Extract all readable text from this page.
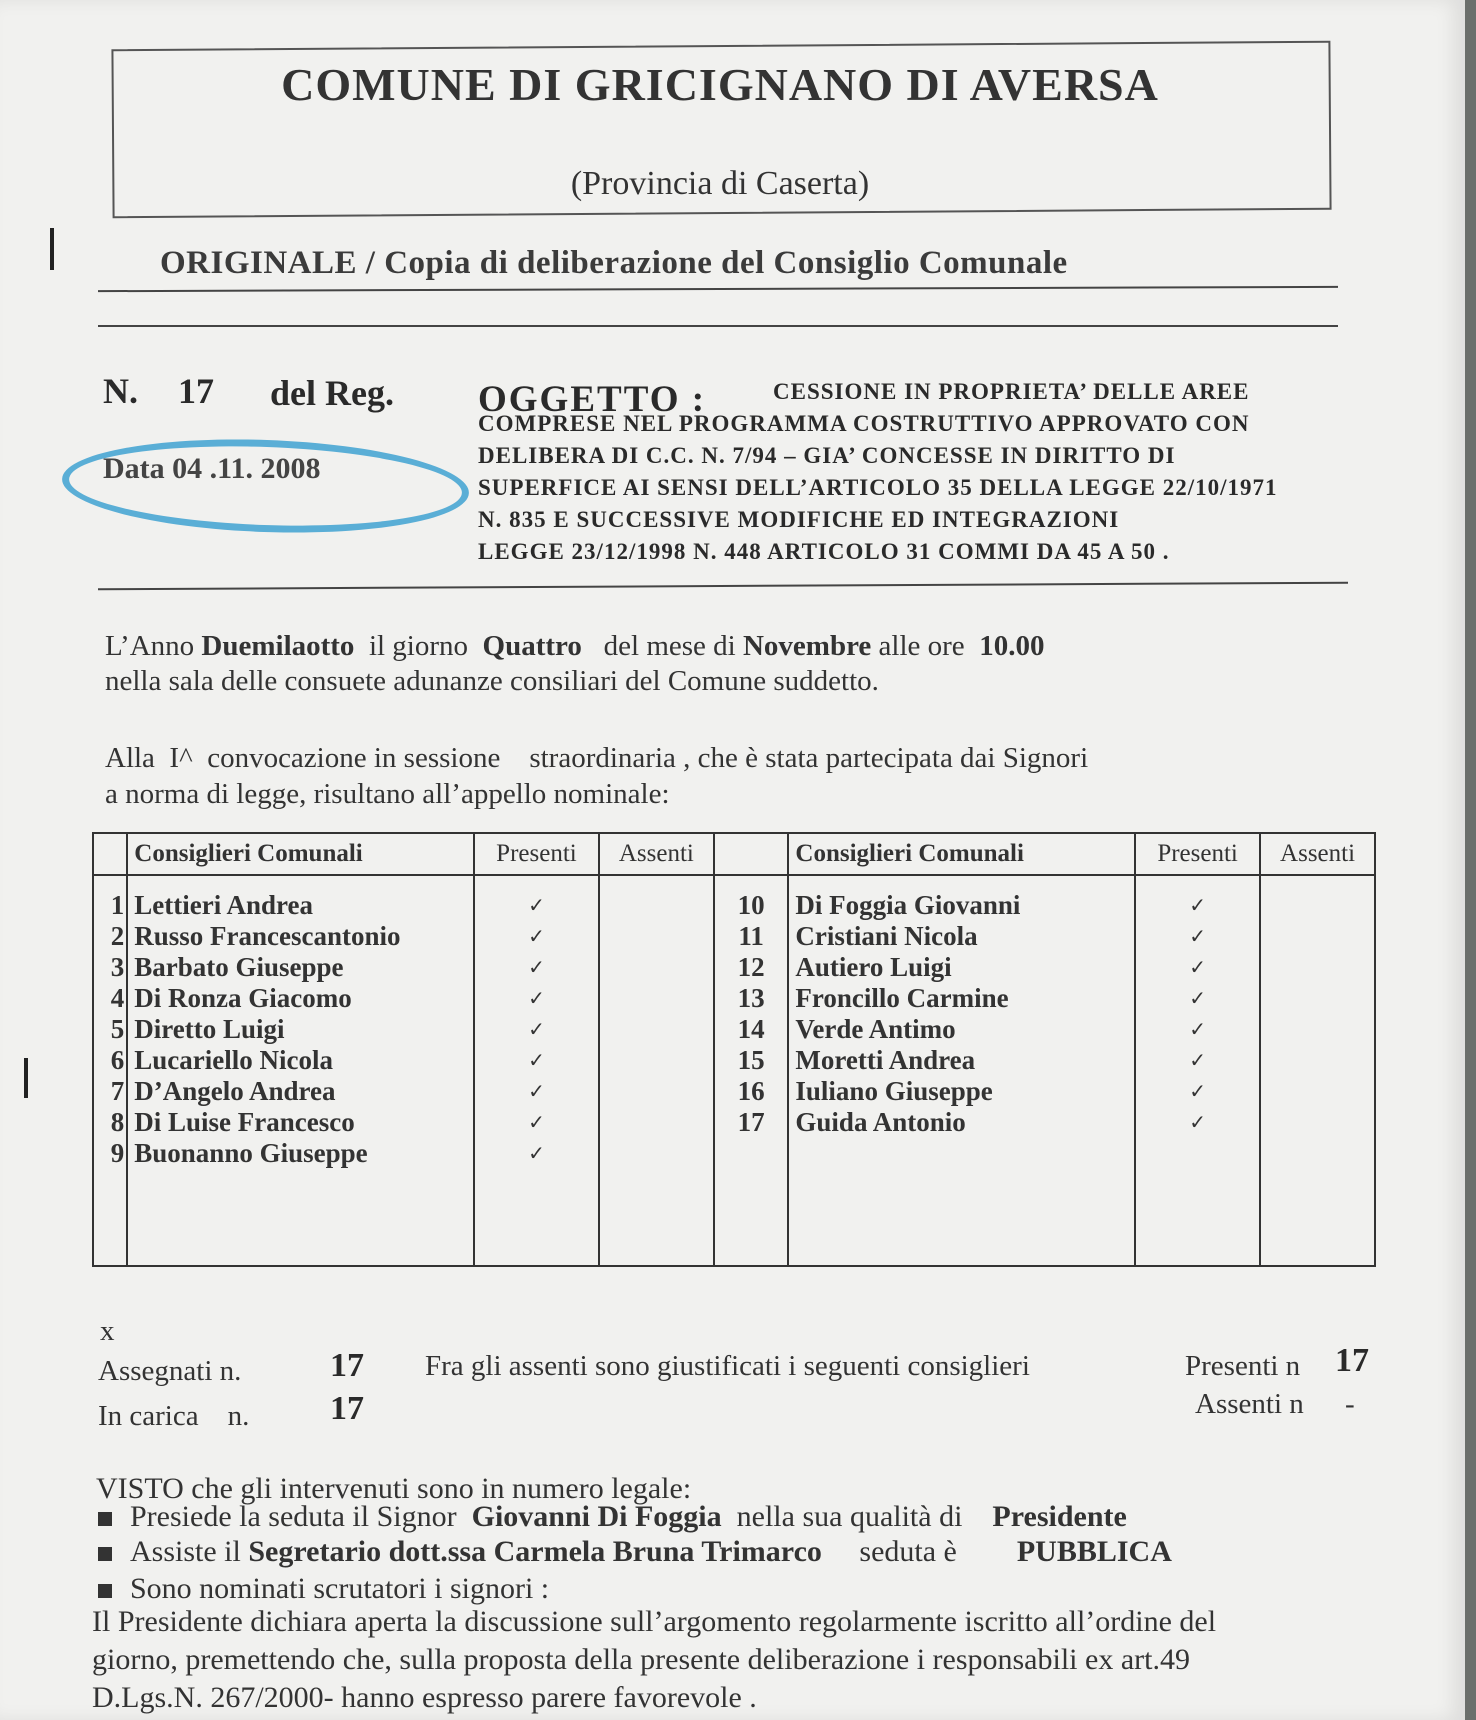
COMUNE DI GRICIGNANO DI AVERSA
(Provincia di Caserta)
ORIGINALE / Copia di deliberazione del Consiglio Comunale
N. 17 del Reg.
Data 04 .11. 2008
OGGETTO :	CESSIONE IN PROPRIETA’ DELLE AREE
COMPRESE NEL PROGRAMMA COSTRUTTIVO APPROVATO CON
DELIBERA DI C.C. N. 7/94 – GIA’ CONCESSE IN DIRITTO DI
SUPERFICE AI SENSI DELL’ARTICOLO 35 DELLA LEGGE 22/10/1971
N. 835 E SUCCESSIVE MODIFICHE ED INTEGRAZIONI
LEGGE 23/12/1998 N. 448 ARTICOLO 31 COMMI DA 45 A 50 .
L’Anno Duemilaotto il giorno Quattro del mese di Novembre alle ore 10.00
nella sala delle consuete adunanze consiliari del Comune suddetto.
Alla  I^  convocazione in sessione    straordinaria , che è stata partecipata dai Signori
a norma di legge, risultano all’appello nominale:
	Consiglieri Comunali	Presenti	Assenti		Consiglieri Comunali	Presenti	Assenti

1	Lettieri Andrea	✓		10	Di Foggia Giovanni	✓	
2	Russo Francescantonio	✓		11	Cristiani Nicola	✓	
3	Barbato Giuseppe	✓		12	Autiero Luigi	✓	
4	Di Ronza Giacomo	✓		13	Froncillo Carmine	✓	
5	Diretto Luigi	✓		14	Verde Antimo	✓	
6	Lucariello Nicola	✓		15	Moretti Andrea	✓	
7	D’Angelo Andrea	✓		16	Iuliano Giuseppe	✓	
8	Di Luise Francesco	✓		17	Guida Antonio	✓	
9	Buonanno Giuseppe	✓					

x
Assegnati n.	17 Fra gli assenti sono giustificati i seguenti consiglieri	Presenti n 17
In carica    n. 17	Assenti n -
VISTO che gli intervenuti sono in numero legale:
Presiede la seduta il Signor Giovanni Di Foggia nella sua qualità di Presidente
Assiste il Segretario dott.ssa Carmela Bruna Trimarco seduta è PUBBLICA
Sono nominati scrutatori i signori :
Il Presidente dichiara aperta la discussione sull’argomento regolarmente iscritto all’ordine del
giorno, premettendo che, sulla proposta della presente deliberazione i responsabili ex art.49
D.Lgs.N. 267/2000- hanno espresso parere favorevole .
